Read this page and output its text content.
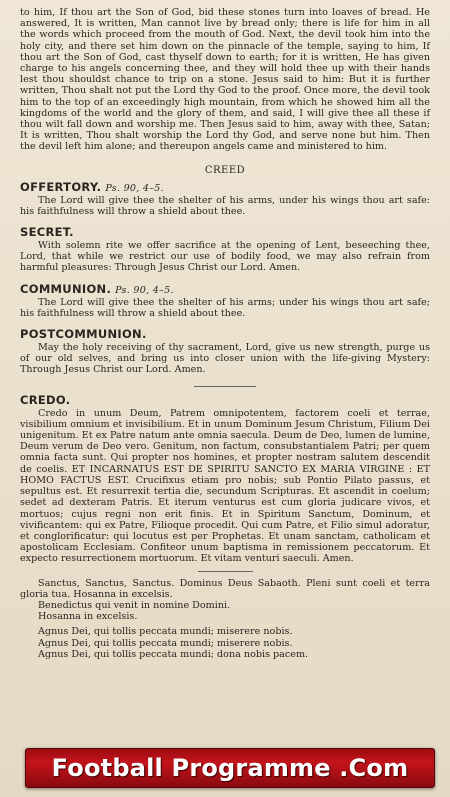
to him, If thou art the Son of God, bid these stones turn into loaves of bread. He answered, It is written, Man cannot live by bread only; there is life for him in all the words which proceed from the mouth of God. Next, the devil took him into the holy city, and there set him down on the pinnacle of the temple, saying to him, If thou art the Son of God, cast thyself down to earth; for it is written, He has given charge to his angels concerning thee, and they will hold thee up with their hands lest thou shouldst chance to trip on a stone. Jesus said to him: But it is further written, Thou shalt not put the Lord thy God to the proof. Once more, the devil took him to the top of an exceedingly high mountain, from which he showed him all the kingdoms of the world and the glory of them, and said, I will give thee all these if thou wilt fall down and worship me. Then Jesus said to him, away with thee, Satan; It is written, Thou shalt worship the Lord thy God, and serve none but him. Then the devil left him alone; and thereupon angels came and ministered to him.

CREED
OFFERTORY. Ps. 90, 4–5.

The Lord will give thee the shelter of his arms, under his wings thou art safe: his faithfulness will throw a shield about thee.

SECRET.

With solemn rite we offer sacrifice at the opening of Lent, beseeching thee, Lord, that while we restrict our use of bodily food, we may also refrain from harmful pleasures: Through Jesus Christ our Lord. Amen.

COMMUNION. Ps. 90, 4–5.

The Lord will give thee the shelter of his arms; under his wings thou art safe; his faithfulness will throw a shield about thee.

POSTCOMMUNION.

May the holy receiving of thy sacrament, Lord, give us new strength, purge us of our old selves, and bring us into closer union with the life-giving Mystery: Through Jesus Christ our Lord. Amen.

CREDO.

Credo in unum Deum, Patrem omnipotentem, factorem coeli et terrae, visibilium omnium et invisibilium. Et in unum Dominum Jesum Christum, Filium Dei unigenitum. Et ex Patre natum ante omnia saecula. Deum de Deo, lumen de lumine, Deum verum de Deo vero. Genitum, non factum, consubstantialem Patri; per quem omnia facta sunt. Qui propter nos homines, et propter nostram salutem descendit de coelis. ET INCARNATUS EST DE SPIRITU SANCTO EX MARIA VIRGINE : ET HOMO FACTUS EST. Crucifixus etiam pro nobis; sub Pontio Pilato passus, et sepultus est. Et resurrexit tertia die, secundum Scripturas. Et ascendit in coelum; sedet ad dexteram Patris. Et iterum venturus est cum gloria judicare vivos, et mortuos; cujus regni non erit finis. Et in Spiritum Sanctum, Dominum, et vivificantem: qui ex Patre, Filioque procedit. Qui cum Patre, et Filio simul adoratur, et conglorificatur: qui locutus est per Prophetas. Et unam sanctam, catholicam et apostolicam Ecclesiam. Confiteor unum baptisma in remissionem peccatorum. Et expecto resurrectionem mortuorum. Et vitam venturi saeculi. Amen.

Sanctus, Sanctus, Sanctus. Dominus Deus Sabaoth. Pleni sunt coeli et terra gloria tua. Hosanna in excelsis.

Benedictus qui venit in nomine Domini.

Hosanna in excelsis.

Agnus Dei, qui tollis peccata mundi; miserere nobis.

Agnus Dei, qui tollis peccata mundi; miserere nobis.

Agnus Dei, qui tollis peccata mundi; dona nobis pacem.

Football Programme .Com
